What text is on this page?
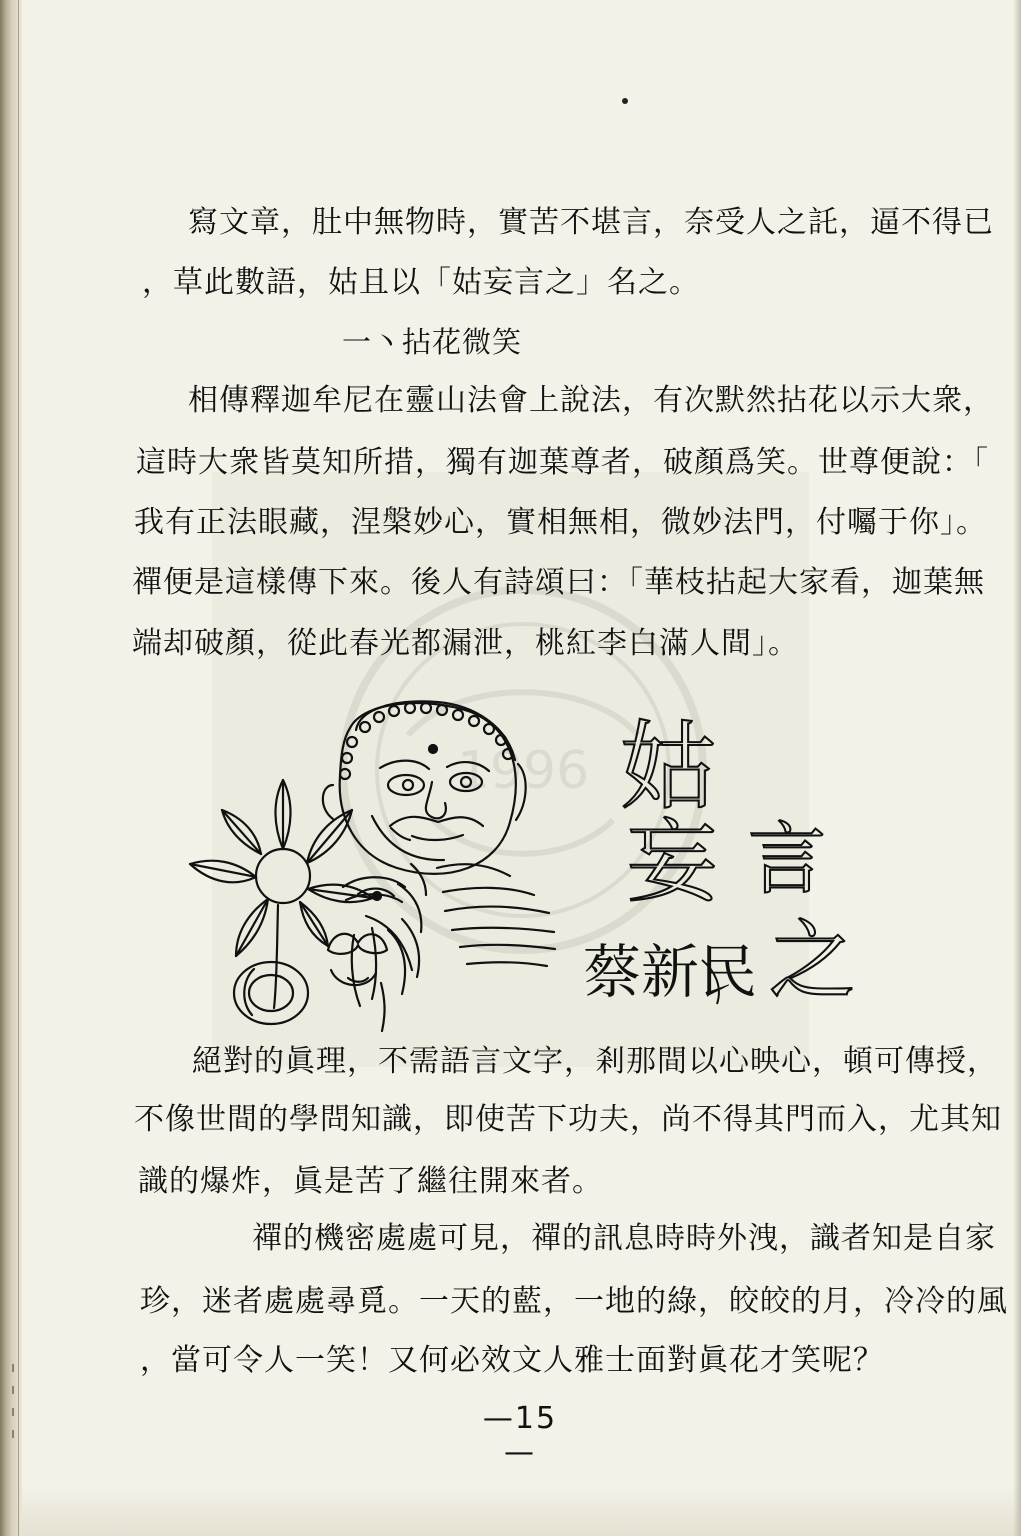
1996
寫文章，肚中無物時，實苦不堪言，奈受人之託，逼不得已
，草此數語，姑且以「姑妄言之」名之。
一丶拈花微笑
相傳釋迦牟尼在靈山法會上說法，有次默然拈花以示大衆，
這時大衆皆莫知所措，獨有迦葉尊者，破顏爲笑。世尊便說：「
我有正法眼藏，涅槃妙心，實相無相，微妙法門，付囑于你」。
禪便是這樣傳下來。後人有詩頌曰：「華枝拈起大家看，迦葉無
端却破顏，從此春光都漏泄，桃紅李白滿人間」。
姑
妄 言
之
蔡新民
絕對的眞理，不需語言文字，剎那間以心映心，頓可傳授，
不像世間的學問知識，即使苦下功夫，尚不得其門而入，尤其知
識的爆炸，眞是苦了繼往開來者。
禪的機密處處可見，禪的訊息時時外洩，識者知是自家
珍，迷者處處尋覓。一天的藍，一地的綠，皎皎的月，冷冷的風
，當可令人一笑！又何必效文人雅士面對眞花才笑呢？
—15—
